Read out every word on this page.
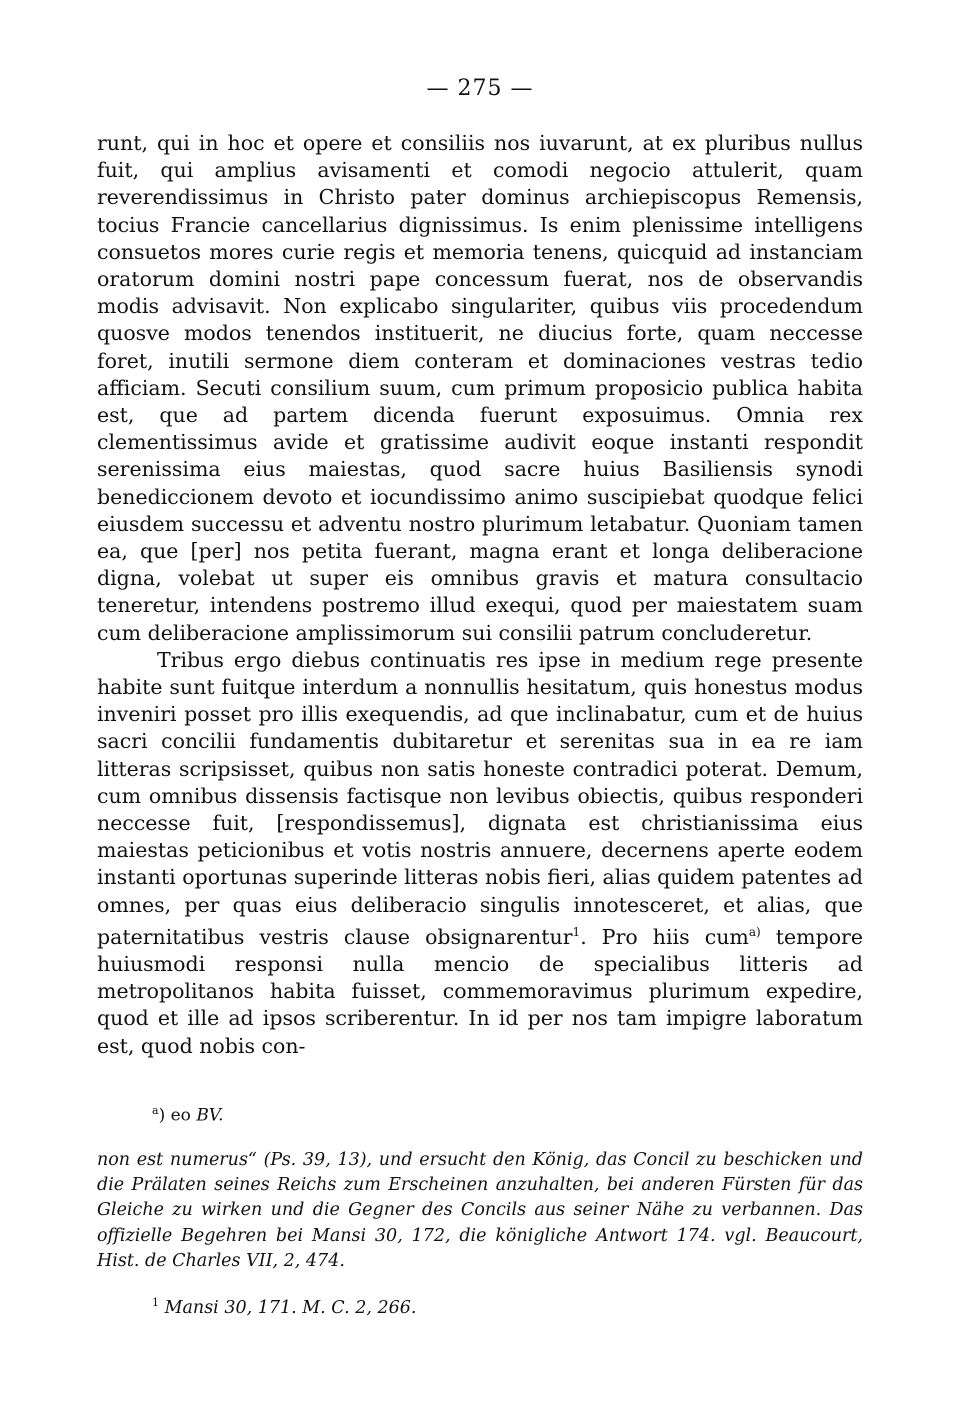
— 275 —

runt, qui in hoc et opere et consiliis nos iuvarunt, at ex pluribus nullus fuit, qui amplius avisamenti et comodi negocio attulerit, quam reverendissimus in Christo pater dominus archiepiscopus Remensis, tocius Francie cancellarius dignissimus. Is enim plenissime intelligens consuetos mores curie regis et memoria tenens, quicquid ad instanciam oratorum domini nostri pape concessum fuerat, nos de observandis modis advisavit. Non explicabo singulariter, quibus viis procedendum quosve modos tenendos instituerit, ne diucius forte, quam neccesse foret, inutili sermone diem conteram et dominaciones vestras tedio afficiam. Secuti consilium suum, cum primum proposicio publica habita est, que ad partem dicenda fuerunt exposuimus. Omnia rex clementissimus avide et gratissime audivit eoque instanti respondit serenissima eius maiestas, quod sacre huius Basiliensis synodi benediccionem devoto et iocundissimo animo suscipiebat quodque felici eiusdem successu et adventu nostro plurimum letabatur. Quoniam tamen ea, que [per] nos petita fuerant, magna erant et longa deliberacione digna, volebat ut super eis omnibus gravis et matura consultacio teneretur, intendens postremo illud exequi, quod per maiestatem suam cum deliberacione amplissimorum sui consilii patrum concluderetur.

Tribus ergo diebus continuatis res ipse in medium rege presente habite sunt fuitque interdum a nonnullis hesitatum, quis honestus modus inveniri posset pro illis exequendis, ad que inclinabatur, cum et de huius sacri concilii fundamentis dubitaretur et serenitas sua in ea re iam litteras scripsisset, quibus non satis honeste contradici poterat. Demum, cum omnibus dissensis factisque non levibus obiectis, quibus responderi neccesse fuit, [respondissemus], dignata est christianissima eius maiestas peticionibus et votis nostris annuere, decernens aperte eodem instanti oportunas superinde litteras nobis fieri, alias quidem patentes ad omnes, per quas eius deliberacio singulis innotesceret, et alias, que paternitatibus vestris clause obsignarentur$^1$. Pro hiis cum$^{a)}$ tempore huiusmodi responsi nulla mencio de specialibus litteris ad metropolitanos habita fuisset, commemoravimus plurimum expedire, quod et ille ad ipsos scriberentur. In id per nos tam impigre laboratum est, quod nobis con-

$^a$) eo BV.
non est numerus“ (Ps. 39, 13), und ersucht den König, das Concil zu beschicken und die Prälaten seines Reichs zum Erscheinen anzuhalten, bei anderen Fürsten für das Gleiche zu wirken und die Gegner des Concils aus seiner Nähe zu verbannen. Das offizielle Begehren bei Mansi 30, 172, die königliche Antwort 174. vgl. Beaucourt, Hist. de Charles VII, 2, 474.
$^1$ Mansi 30, 171. M. C. 2, 266.
